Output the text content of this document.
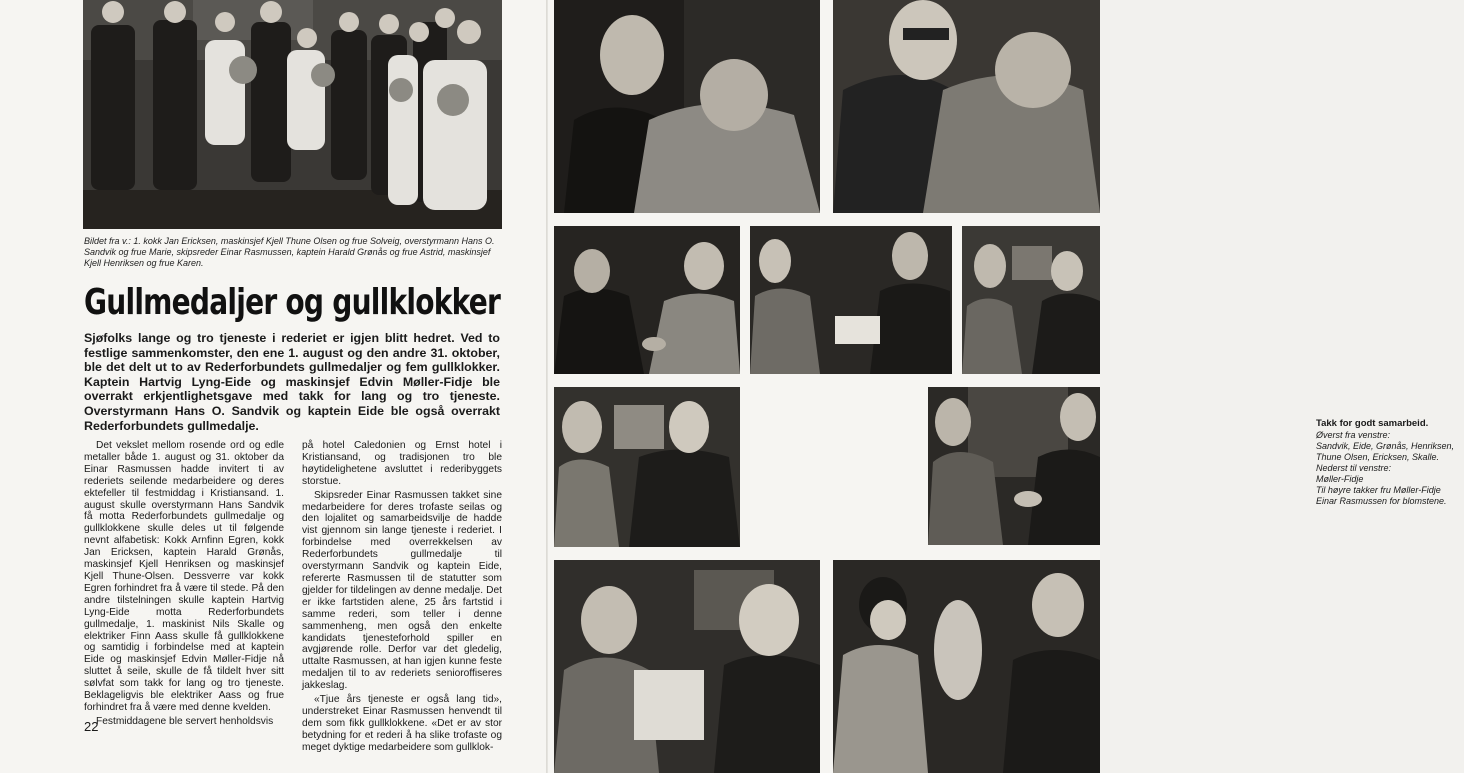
Bildet fra v.: 1. kokk Jan Ericksen, maskinsjef Kjell Thune Olsen og frue Solveig, overstyrmann Hans O. Sandvik og frue Marie, skipsreder Einar Rasmussen, kaptein Harald Grønås og frue Astrid, maskinsjef Kjell Henriksen og frue Karen.
Gullmedaljer og gullklokker
Sjøfolks lange og tro tjeneste i rederiet er igjen blitt hedret. Ved to festlige sammenkomster, den ene 1. august og den andre 31. oktober, ble det delt ut to av Rederforbundets gullmedaljer og fem gullklokker. Kaptein Hartvig Lyng-Eide og maskinsjef Edvin Møller-Fidje ble overrakt erkjentlighetsgave med takk for lang og tro tjeneste. Overstyrmann Hans O. Sandvik og kaptein Eide ble også overrakt Rederforbundets gullmedalje.

Det vekslet mellom rosende ord og edle metaller både 1. august og 31. oktober da Einar Rasmussen hadde invitert ti av rederiets seilende medarbeidere og deres ektefeller til festmiddag i Kristiansand. 1. august skulle overstyrmann Hans Sandvik få motta Rederforbundets gullmedalje og gullklokkene skulle deles ut til følgende nevnt alfabetisk: Kokk Arnfinn Egren, kokk Jan Ericksen, kaptein Harald Grønås, maskinsjef Kjell Henriksen og maskinsjef Kjell Thune-Olsen. Dessverre var kokk Egren forhindret fra å være til stede. På den andre tilstelningen skulle kaptein Hartvig Lyng-Eide motta Rederforbundets gullmedalje, 1. maskinist Nils Skalle og elektriker Finn Aass skulle få gullklokkene og samtidig i forbindelse med at kaptein Eide og maskinsjef Edvin Møller-Fidje nå sluttet å seile, skulle de få tildelt hver sitt sølvfat som takk for lang og tro tjeneste. Beklageligvis ble elektriker Aass og frue forhindret fra å være med denne kvelden.

Festmiddagene ble servert henholdsvis

på hotel Caledonien og Ernst hotel i Kristiansand, og tradisjonen tro ble høytidelighetene avsluttet i rederibyggets storstue.

Skipsreder Einar Rasmussen takket sine medarbeidere for deres trofaste seilas og den lojalitet og samarbeidsvilje de hadde vist gjennom sin lange tjeneste i rederiet. I forbindelse med overrekkelsen av Rederforbundets gullmedalje til overstyrmann Sandvik og kaptein Eide, refererte Rasmussen til de statutter som gjelder for tildelingen av denne medalje. Det er ikke fartstiden alene, 25 års fartstid i samme rederi, som teller i denne sammenheng, men også den enkelte kandidats tjenesteforhold spiller en avgjørende rolle. Derfor var det gledelig, uttalte Rasmussen, at han igjen kunne feste medaljen til to av rederiets senioroffiseres jakkeslag.

«Tjue års tjeneste er også lang tid», understreket Einar Rasmussen henvendt til dem som fikk gullklokkene. «Det er av stor betydning for et rederi å ha slike trofaste og meget dyktige medarbeidere som gullklok-

22
Takk for godt samarbeid.
Øverst fra venstre:
Sandvik, Eide, Grønås, Henriksen, Thune Olsen, Ericksen, Skalle.
Nederst til venstre:
Møller-Fidje
Til høyre takker fru Møller-Fidje Einar Rasmussen for blomstene.
